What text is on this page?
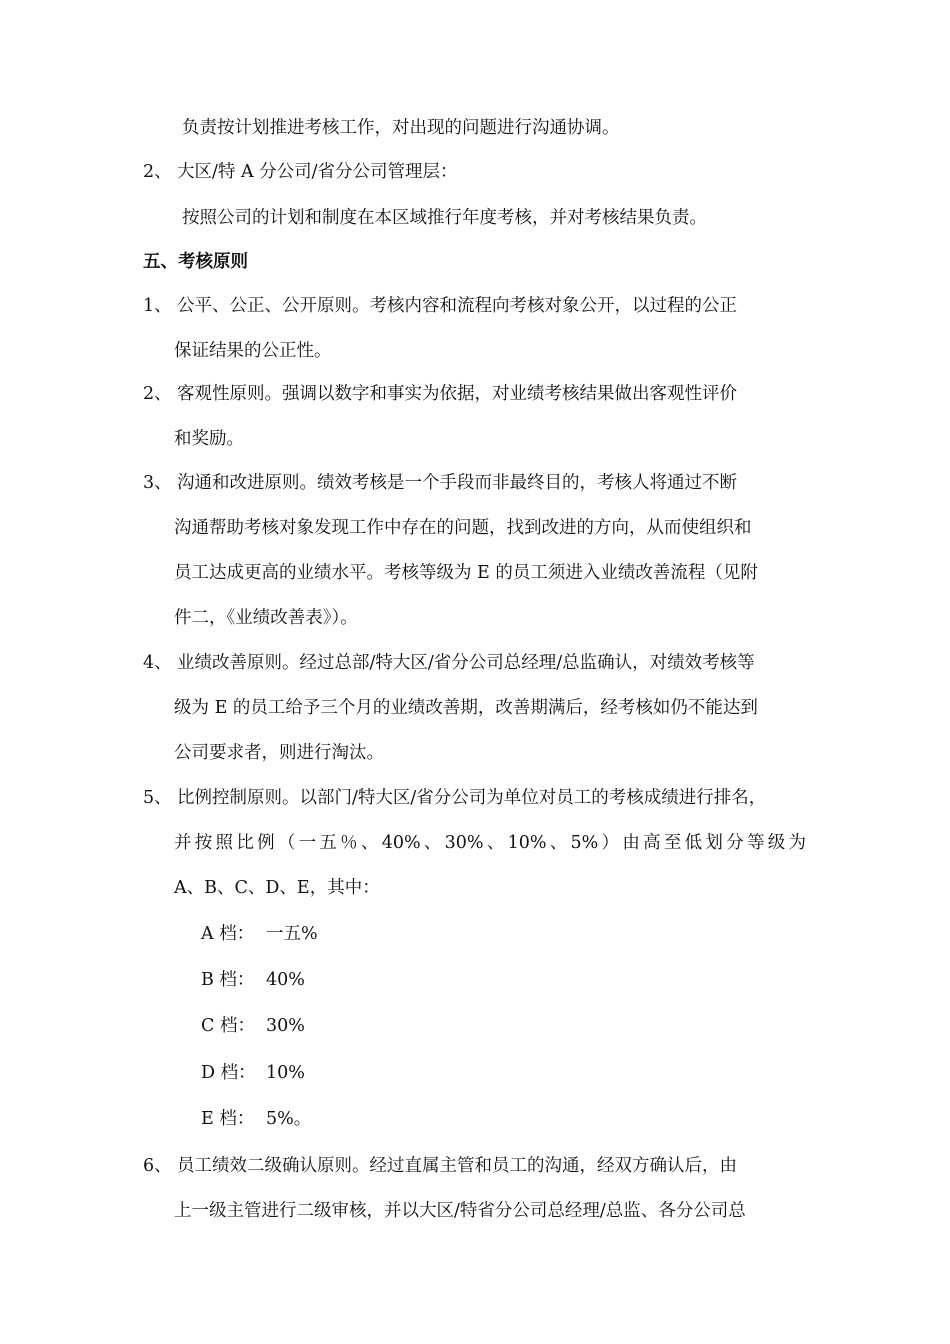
负责按计划推进考核工作，对出现的问题进行沟通协调。
2、 大区/特 A 分公司/省分公司管理层：
按照公司的计划和制度在本区域推行年度考核，并对考核结果负责。
五、考核原则
1、 公平、公正、公开原则。考核内容和流程向考核对象公开，以过程的公正
保证结果的公正性。
2、 客观性原则。强调以数字和事实为依据，对业绩考核结果做出客观性评价
和奖励。
3、 沟通和改进原则。绩效考核是一个手段而非最终目的，考核人将通过不断
沟通帮助考核对象发现工作中存在的问题，找到改进的方向，从而使组织和
员工达成更高的业绩水平。考核等级为 E 的员工须进入业绩改善流程（见附
件二，《业绩改善表》）。
4、 业绩改善原则。经过总部/特大区/省分公司总经理/总监确认，对绩效考核等
级为 E 的员工给予三个月的业绩改善期，改善期满后，经考核如仍不能达到
公司要求者，则进行淘汰。
5、 比例控制原则。以部门/特大区/省分公司为单位对员工的考核成绩进行排名，
并按照比例（一五％、40%、30%、10%、5%）由高至低划分等级为
A、B、C、D、E，其中：
A 档： 一五%
B 档： 40%
C 档： 30%
D 档： 10%
E 档： 5%。
6、 员工绩效二级确认原则。经过直属主管和员工的沟通，经双方确认后，由
上一级主管进行二级审核，并以大区/特省分公司总经理/总监、各分公司总
